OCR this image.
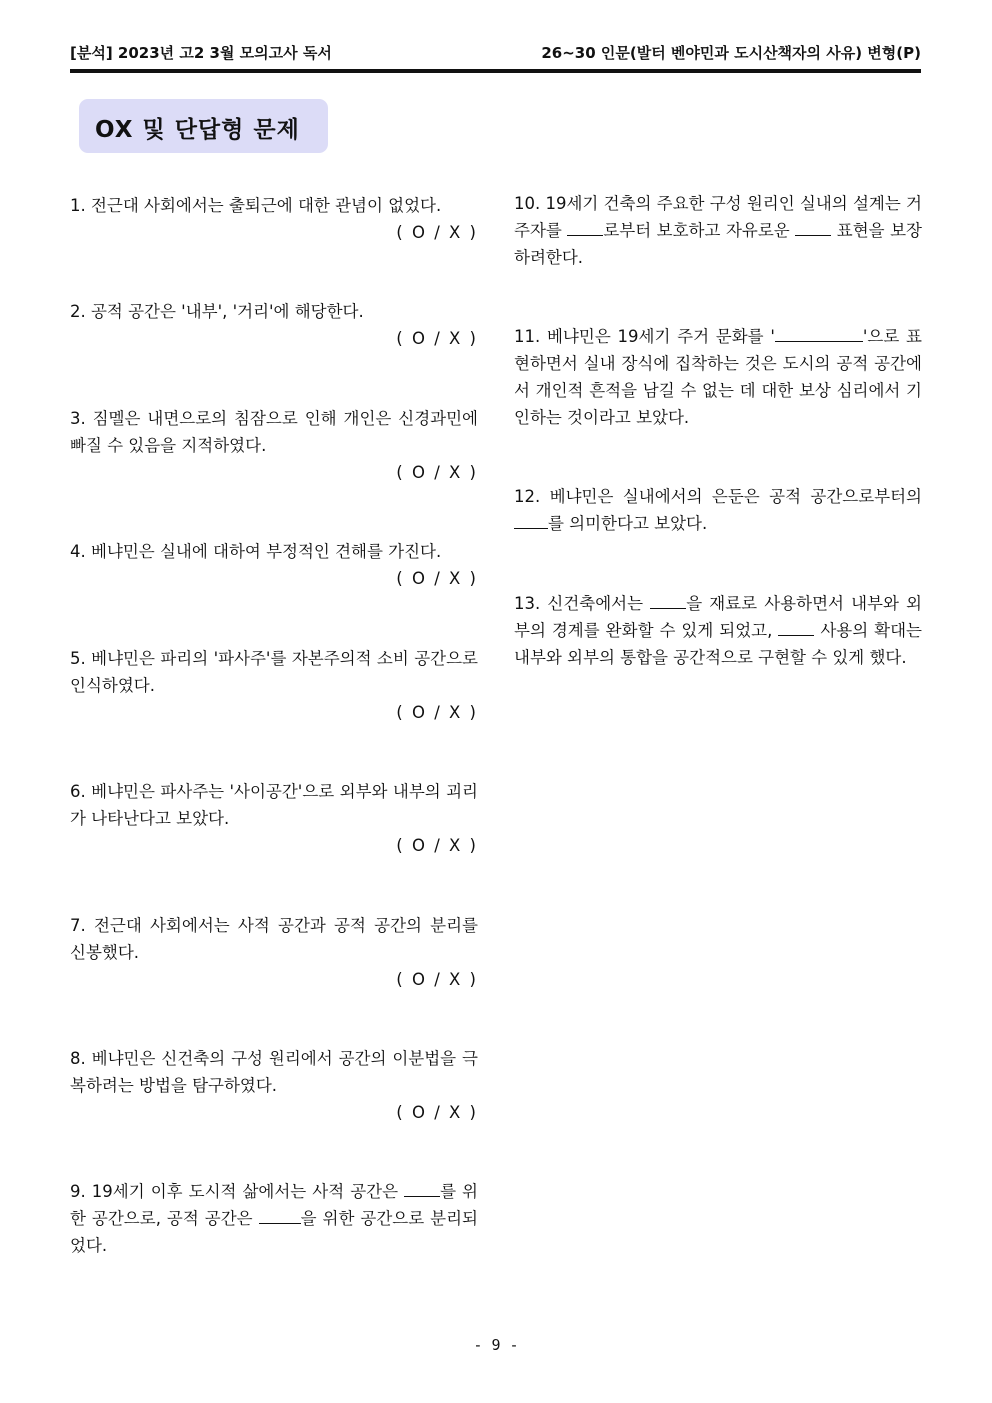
[분석] 2023년 고2 3월 모의고사 독서	26~30 인문(발터 벤야민과 도시산책자의 사유) 변형(P)
OX 및 단답형 문제

1. 전근대 사회에서는 출퇴근에 대한 관념이 없었다.

( O / X )

2. 공적 공간은 '내부', '거리'에 해당한다.

( O / X )

3. 짐멜은 내면으로의 침잠으로 인해 개인은 신경과민에 빠질 수 있음을 지적하였다.

( O / X )

4. 베냐민은 실내에 대하여 부정적인 견해를 가진다.

( O / X )

5. 베냐민은 파리의 '파사주'를 자본주의적 소비 공간으로 인식하였다.

( O / X )

6. 베냐민은 파사주는 '사이공간'으로 외부와 내부의 괴리가 나타난다고 보았다.

( O / X )

7. 전근대 사회에서는 사적 공간과 공적 공간의 분리를 신봉했다.

( O / X )

8. 베냐민은 신건축의 구성 원리에서 공간의 이분법을 극복하려는 방법을 탐구하였다.

( O / X )

9. 19세기 이후 도시적 삶에서는 사적 공간은 를 위한 공간으로, 공적 공간은	을 위한 공간으로 분리되었다.

10. 19세기 건축의 주요한 구성 원리인 실내의 설계는 거주자를 로부터 보호하고 자유로운  표현을 보장하려한다.

11. 베냐민은 19세기 주거 문화를 '	'으로 표현하면서 실내 장식에 집착하는 것은 도시의 공적 공간에서 개인적 흔적을 남길 수 없는 데 대한 보상 심리에서 기인하는 것이라고 보았다.

12. 베냐민은 실내에서의 은둔은 공적 공간으로부터의 를 의미한다고 보았다.

13. 신건축에서는 을 재료로 사용하면서 내부와 외부의 경계를 완화할 수 있게 되었고,  사용의 확대는 내부와 외부의 통합을 공간적으로 구현할 수 있게 했다.

- 9 -
